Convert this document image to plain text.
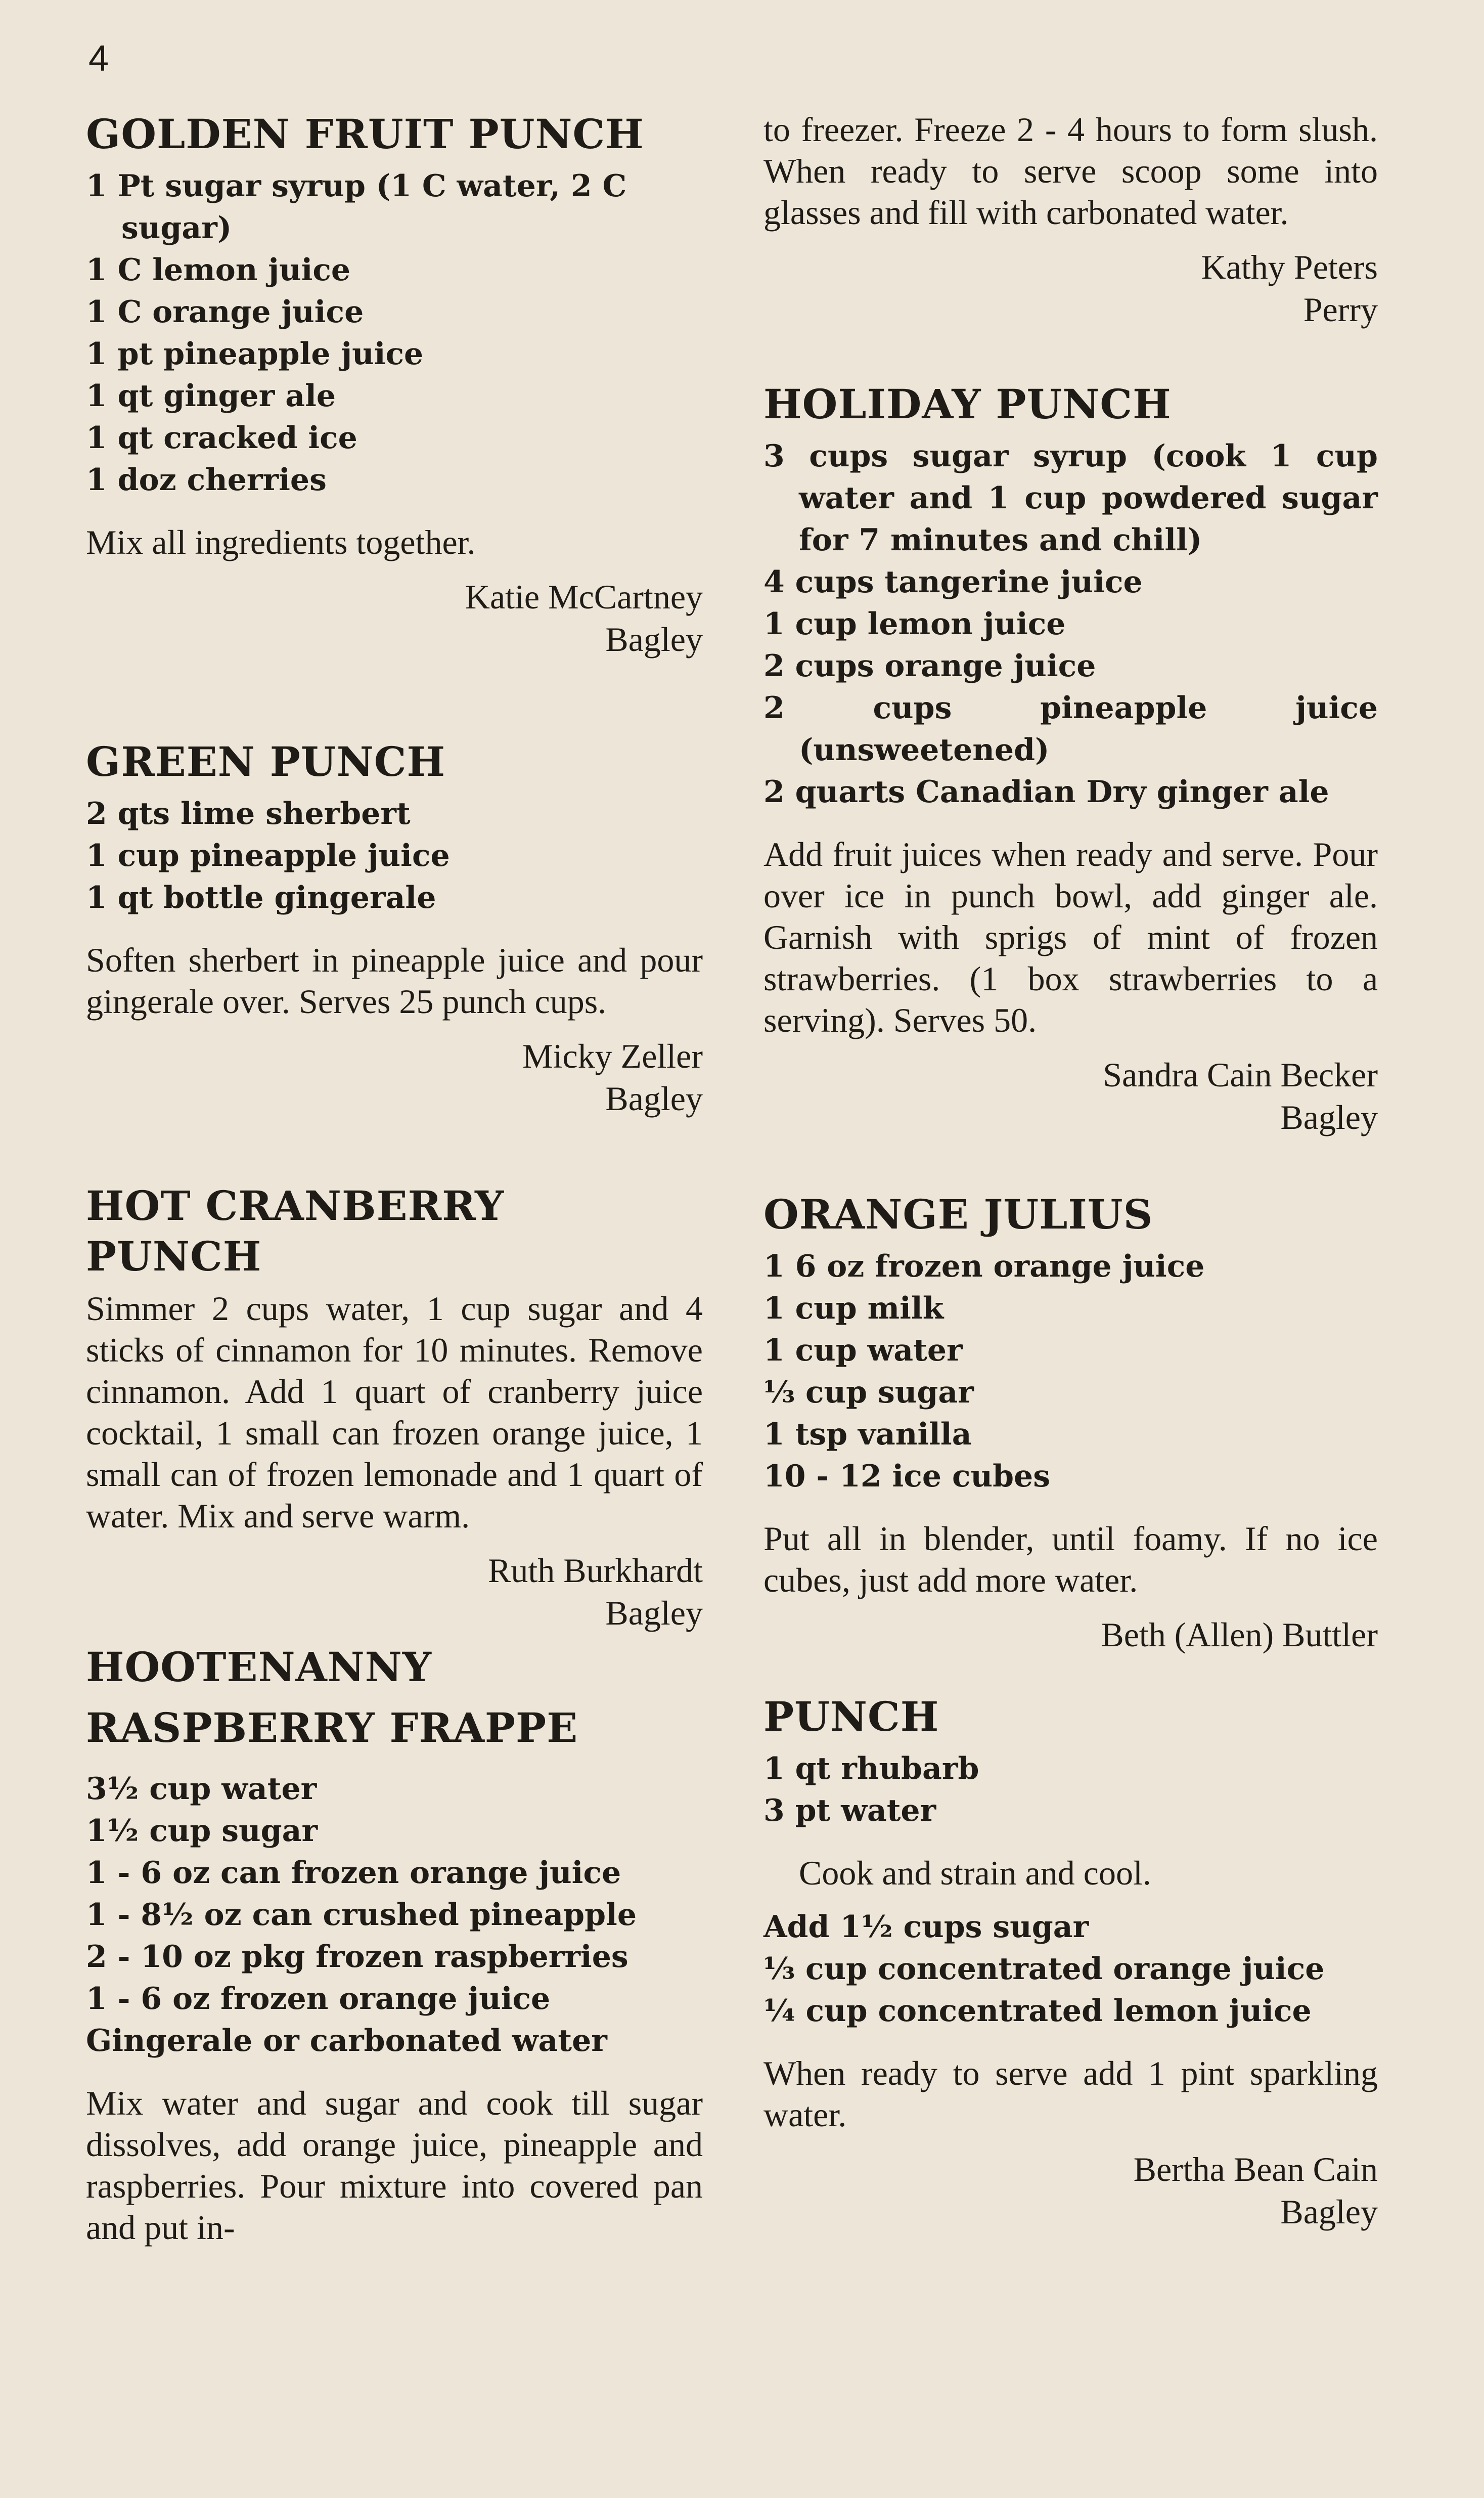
4
GOLDEN FRUIT PUNCH

1 Pt sugar syrup (1 C water, 2 C sugar)

1 C lemon juice

1 C orange juice

1 pt pineapple juice

1 qt ginger ale

1 qt cracked ice

1 doz cherries

Mix all ingredients together.

Katie McCartney

Bagley

GREEN PUNCH

2 qts lime sherbert

1 cup pineapple juice

1 qt bottle gingerale

Soften sherbert in pineapple juice and pour gingerale over. Serves 25 punch cups.

Micky Zeller

Bagley

HOT CRANBERRY
PUNCH

Simmer 2 cups water, 1 cup sugar and 4 sticks of cinnamon for 10 minutes. Remove cinnamon. Add 1 quart of cranberry juice cocktail, 1 small can frozen orange juice, 1 small can of frozen lemonade and 1 quart of water. Mix and serve warm.

Ruth Burkhardt

Bagley

HOOTENANNY
RASPBERRY FRAPPE

3½ cup water

1½ cup sugar

1 - 6 oz can frozen orange juice

1 - 8½ oz can crushed pineapple

2 - 10 oz pkg frozen raspberries

1 - 6 oz frozen orange juice

Gingerale or carbonated water

Mix water and sugar and cook till sugar dissolves, add orange juice, pineapple and raspberries. Pour mixture into covered pan and put in-

to freezer. Freeze 2 - 4 hours to form slush. When ready to serve scoop some into glasses and fill with carbonated water.

Kathy Peters

Perry

HOLIDAY PUNCH

3 cups sugar syrup (cook 1 cup water and 1 cup powdered sugar for 7 minutes and chill)

4 cups tangerine juice

1 cup lemon juice

2 cups orange juice

2 cups pineapple juice (unsweetened)

2 quarts Canadian Dry ginger ale

Add fruit juices when ready and serve. Pour over ice in punch bowl, add ginger ale. Garnish with sprigs of mint of frozen strawberries. (1 box strawberries to a serving). Serves 50.

Sandra Cain Becker

Bagley

ORANGE JULIUS

1 6 oz frozen orange juice

1 cup milk

1 cup water

⅓ cup sugar

1 tsp vanilla

10 - 12 ice cubes

Put all in blender, until foamy. If no ice cubes, just add more water.

Beth (Allen) Buttler

PUNCH

1 qt rhubarb

3 pt water

Cook and strain and cool.

Add 1½ cups sugar

⅓ cup concentrated orange juice

¼ cup concentrated lemon juice

When ready to serve add 1 pint sparkling water.

Bertha Bean Cain

Bagley
